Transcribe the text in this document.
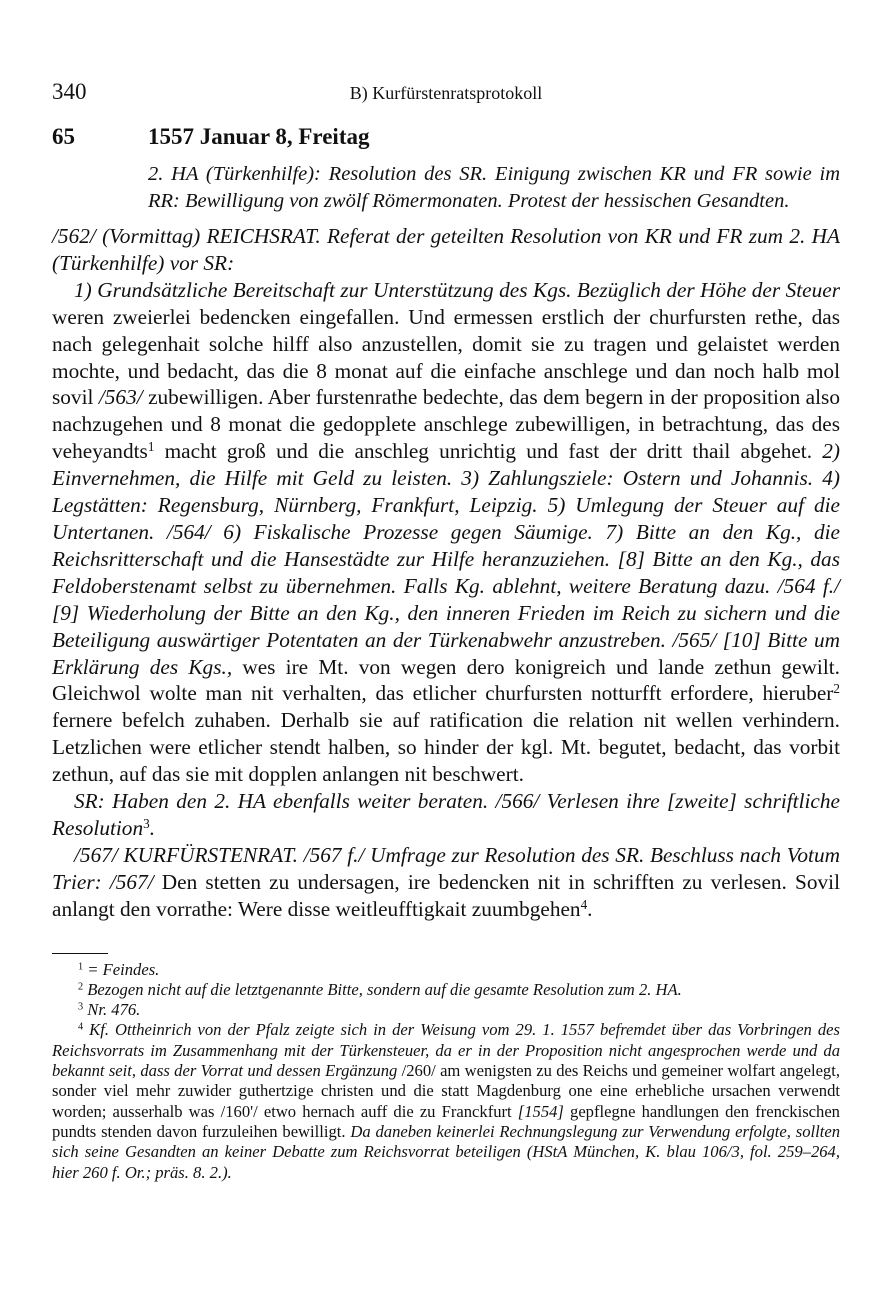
340	B) Kurfürstenratsprotokoll
65	1557 Januar 8, Freitag
2. HA (Türkenhilfe): Resolution des SR. Einigung zwischen KR und FR sowie im RR: Bewilligung von zwölf Römermonaten. Protest der hessischen Gesandten.

/562/ (Vormittag) REICHSRAT. Referat der geteilten Resolution von KR und FR zum 2. HA (Türkenhilfe) vor SR:

1) Grundsätzliche Bereitschaft zur Unterstützung des Kgs. Bezüglich der Höhe der Steuer weren zweierlei bedencken eingefallen. Und ermessen erstlich der churfursten rethe, das nach gelegenhait solche hilff also anzustellen, domit sie zu tragen und gelaistet werden mochte, und bedacht, das die 8 monat auf die einfache anschlege und dan noch halb mol sovil /563/ zubewilligen. Aber furstenrathe bedechte, das dem begern in der proposition also nachzugehen und 8 monat die gedopplete anschlege zubewilligen, in betrachtung, das des veheyandts$^1$ macht groß und die anschleg unrichtig und fast der dritt thail abgehet. 2) Einvernehmen, die Hilfe mit Geld zu leisten. 3) Zahlungsziele: Ostern und Johannis. 4) Legstätten: Regensburg, Nürnberg, Frankfurt, Leipzig. 5) Umlegung der Steuer auf die Untertanen. /564/ 6) Fiskalische Prozesse gegen Säumige. 7) Bitte an den Kg., die Reichsritterschaft und die Hansestädte zur Hilfe heranzuziehen. [8] Bitte an den Kg., das Feldoberstenamt selbst zu übernehmen. Falls Kg. ablehnt, weitere Beratung dazu. /564 f./ [9] Wiederholung der Bitte an den Kg., den inneren Frieden im Reich zu sichern und die Beteiligung auswärtiger Potentaten an der Türkenabwehr anzustreben. /565/ [10] Bitte um Erklärung des Kgs., wes ire Mt. von wegen dero konigreich und lande zethun gewilt. Gleichwol wolte man nit verhalten, das etlicher churfursten notturfft erfordere, hieruber$^2$ fernere befelch zuhaben. Derhalb sie auf ratification die relation nit wellen verhindern. Letzlichen were etlicher stendt halben, so hinder der kgl. Mt. begutet, bedacht, das vorbit zethun, auf das sie mit dopplen anlangen nit beschwert.

SR: Haben den 2. HA ebenfalls weiter beraten. /566/ Verlesen ihre [zweite] schriftliche Resolution$^3$.

/567/ KURFÜRSTENRAT. /567 f./ Umfrage zur Resolution des SR. Beschluss nach Votum Trier: /567/ Den stetten zu undersagen, ire bedencken nit in schrifften zu verlesen. Sovil anlangt den vorrathe: Were disse weitleufftigkait zuumbgehen$^4$.

$^1$ = Feindes.

$^2$ Bezogen nicht auf die letztgenannte Bitte, sondern auf die gesamte Resolution zum 2. HA.

$^3$ Nr. 476.

$^4$ Kf. Ottheinrich von der Pfalz zeigte sich in der Weisung vom 29. 1. 1557 befremdet über das Vorbringen des Reichsvorrats im Zusammenhang mit der Türkensteuer, da er in der Proposition nicht angesprochen werde und da bekannt seit, dass der Vorrat und dessen Ergänzung /260/ am wenigsten zu des Reichs und gemeiner wolfart angelegt, sonder viel mehr zuwider guthertzige christen und die statt Magdenburg one eine erhebliche ursachen verwendt worden; ausserhalb was /160'/ etwo hernach auff die zu Franckfurt [1554] gepflegne handlungen den frenckischen pundts stenden davon furzuleihen bewilligt. Da daneben keinerlei Rechnungslegung zur Verwendung erfolgte, sollten sich seine Gesandten an keiner Debatte zum Reichsvorrat beteiligen (HStA München, K. blau 106/3, fol. 259–264, hier 260 f. Or.; präs. 8. 2.).
